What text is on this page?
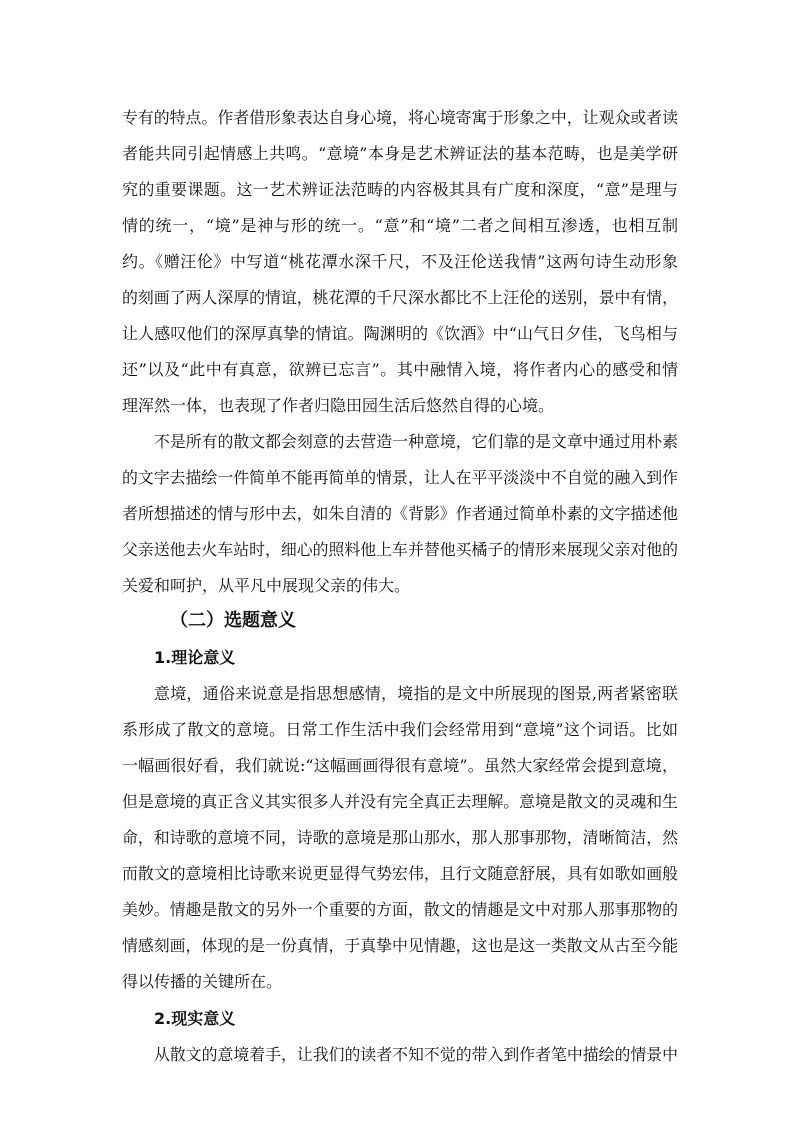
专有的特点。作者借形象表达自身心境，将心境寄寓于形象之中，让观众或者读
者能共同引起情感上共鸣。“意境”本身是艺术辨证法的基本范畴，也是美学研
究的重要课题。这一艺术辨证法范畴的内容极其具有广度和深度，“意”是理与
情的统一，“境”是神与形的统一。“意”和“境”二者之间相互渗透，也相互制
约。《赠汪伦》中写道“桃花潭水深千尺，不及汪伦送我情”这两句诗生动形象
的刻画了两人深厚的情谊，桃花潭的千尺深水都比不上汪伦的送别，景中有情，
让人感叹他们的深厚真挚的情谊。陶渊明的《饮酒》中“山气日夕佳，飞鸟相与
还”以及“此中有真意，欲辨已忘言”。其中融情入境，将作者内心的感受和情
理浑然一体，也表现了作者归隐田园生活后悠然自得的心境。
不是所有的散文都会刻意的去营造一种意境，它们靠的是文章中通过用朴素
的文字去描绘一件简单不能再简单的情景，让人在平平淡淡中不自觉的融入到作
者所想描述的情与形中去，如朱自清的《背影》作者通过简单朴素的文字描述他
父亲送他去火车站时，细心的照料他上车并替他买橘子的情形来展现父亲对他的
关爱和呵护，从平凡中展现父亲的伟大。
（二）选题意义
1.理论意义
意境，通俗来说意是指思想感情，境指的是文中所展现的图景,两者紧密联
系形成了散文的意境。日常工作生活中我们会经常用到“意境”这个词语。比如
一幅画很好看，我们就说:“这幅画画得很有意境”。虽然大家经常会提到意境，
但是意境的真正含义其实很多人并没有完全真正去理解。意境是散文的灵魂和生
命，和诗歌的意境不同，诗歌的意境是那山那水，那人那事那物，清晰简洁，然
而散文的意境相比诗歌来说更显得气势宏伟，且行文随意舒展，具有如歌如画般
美妙。情趣是散文的另外一个重要的方面，散文的情趣是文中对那人那事那物的
情感刻画，体现的是一份真情，于真挚中见情趣，这也是这一类散文从古至今能
得以传播的关键所在。
2.现实意义
从散文的意境着手，让我们的读者不知不觉的带入到作者笔中描绘的情景中
